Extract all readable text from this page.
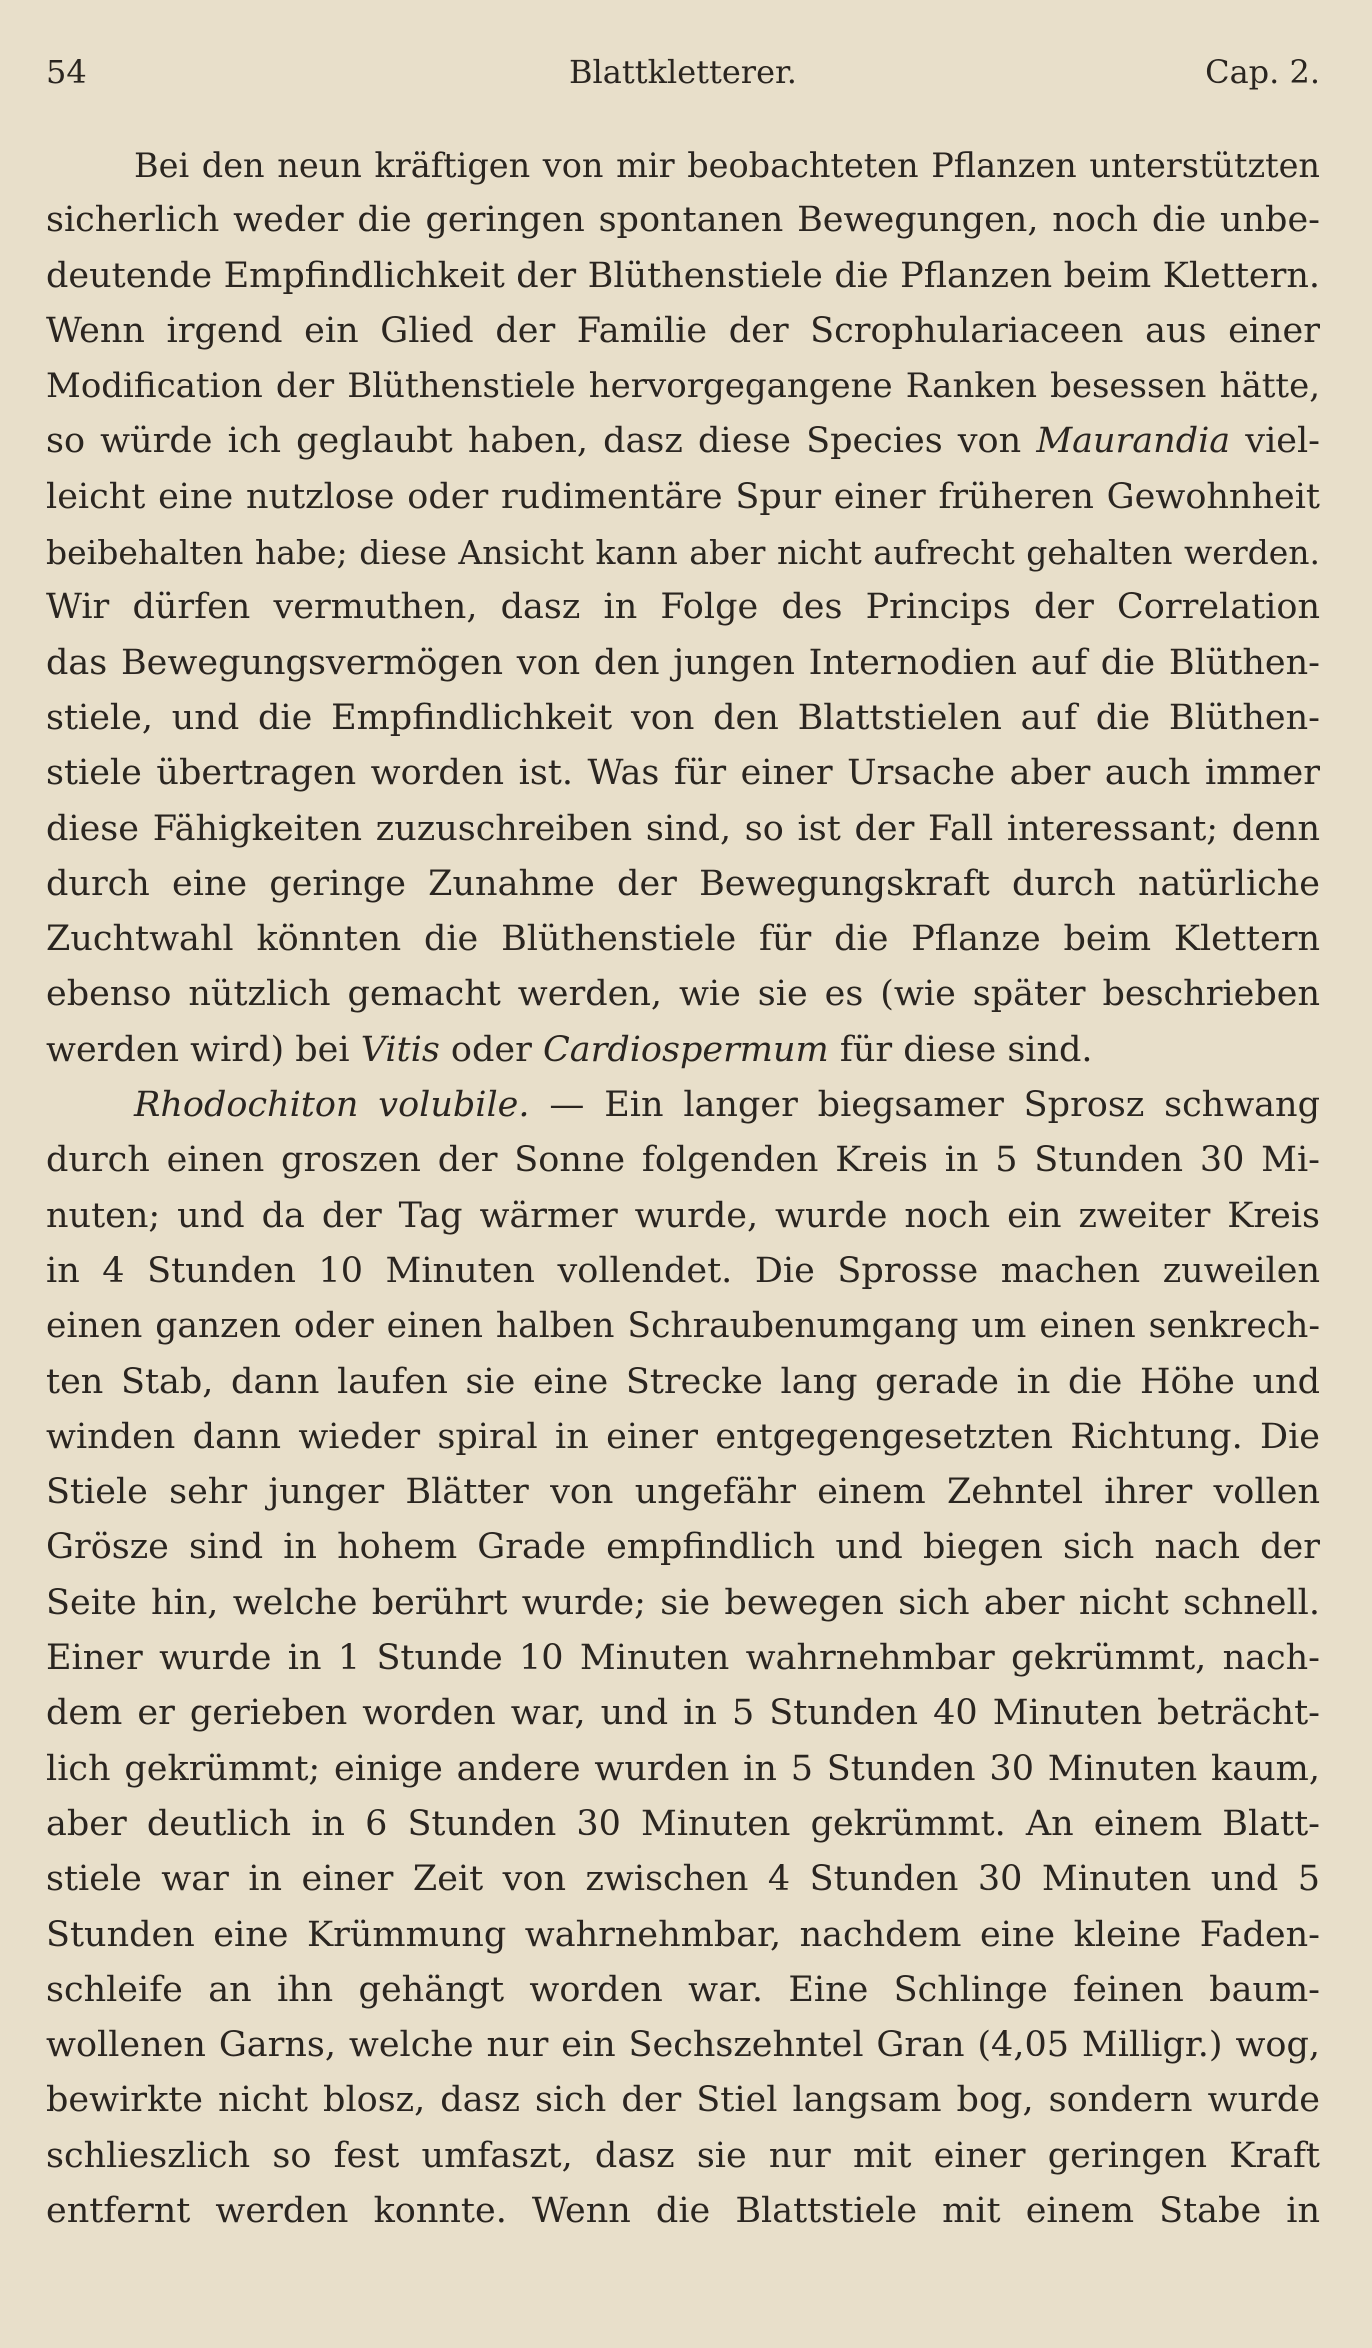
54	Blattkletterer.	Cap. 2.
Bei den neun kräftigen von mir beobachteten Pflanzen unterstützten
sicherlich weder die geringen spontanen Bewegungen, noch die unbe-
deutende Empfindlichkeit der Blüthenstiele die Pflanzen beim Klettern.
Wenn irgend ein Glied der Familie der Scrophulariaceen aus einer
Modification der Blüthenstiele hervorgegangene Ranken besessen hätte,
so würde ich geglaubt haben, dasz diese Species von Maurandia viel-
leicht eine nutzlose oder rudimentäre Spur einer früheren Gewohnheit
beibehalten habe; diese Ansicht kann aber nicht aufrecht gehalten werden.
Wir dürfen vermuthen, dasz in Folge des Princips der Correlation
das Bewegungsvermögen von den jungen Internodien auf die Blüthen-
stiele, und die Empfindlichkeit von den Blattstielen auf die Blüthen-
stiele übertragen worden ist. Was für einer Ursache aber auch immer
diese Fähigkeiten zuzuschreiben sind, so ist der Fall interessant; denn
durch eine geringe Zunahme der Bewegungskraft durch natürliche
Zuchtwahl könnten die Blüthenstiele für die Pflanze beim Klettern
ebenso nützlich gemacht werden, wie sie es (wie später beschrieben
werden wird) bei Vitis oder Cardiospermum für diese sind.
Rhodochiton volubile. — Ein langer biegsamer Sprosz schwang
durch einen groszen der Sonne folgenden Kreis in 5 Stunden 30 Mi-
nuten; und da der Tag wärmer wurde, wurde noch ein zweiter Kreis
in 4 Stunden 10 Minuten vollendet. Die Sprosse machen zuweilen
einen ganzen oder einen halben Schraubenumgang um einen senkrech-
ten Stab, dann laufen sie eine Strecke lang gerade in die Höhe und
winden dann wieder spiral in einer entgegengesetzten Richtung. Die
Stiele sehr junger Blätter von ungefähr einem Zehntel ihrer vollen
Grösze sind in hohem Grade empfindlich und biegen sich nach der
Seite hin, welche berührt wurde; sie bewegen sich aber nicht schnell.
Einer wurde in 1 Stunde 10 Minuten wahrnehmbar gekrümmt, nach-
dem er gerieben worden war, und in 5 Stunden 40 Minuten beträcht-
lich gekrümmt; einige andere wurden in 5 Stunden 30 Minuten kaum,
aber deutlich in 6 Stunden 30 Minuten gekrümmt. An einem Blatt-
stiele war in einer Zeit von zwischen 4 Stunden 30 Minuten und 5
Stunden eine Krümmung wahrnehmbar, nachdem eine kleine Faden-
schleife an ihn gehängt worden war. Eine Schlinge feinen baum-
wollenen Garns, welche nur ein Sechszehntel Gran (4,05 Milligr.) wog,
bewirkte nicht blosz, dasz sich der Stiel langsam bog, sondern wurde
schlieszlich so fest umfaszt, dasz sie nur mit einer geringen Kraft
entfernt werden konnte. Wenn die Blattstiele mit einem Stabe in
